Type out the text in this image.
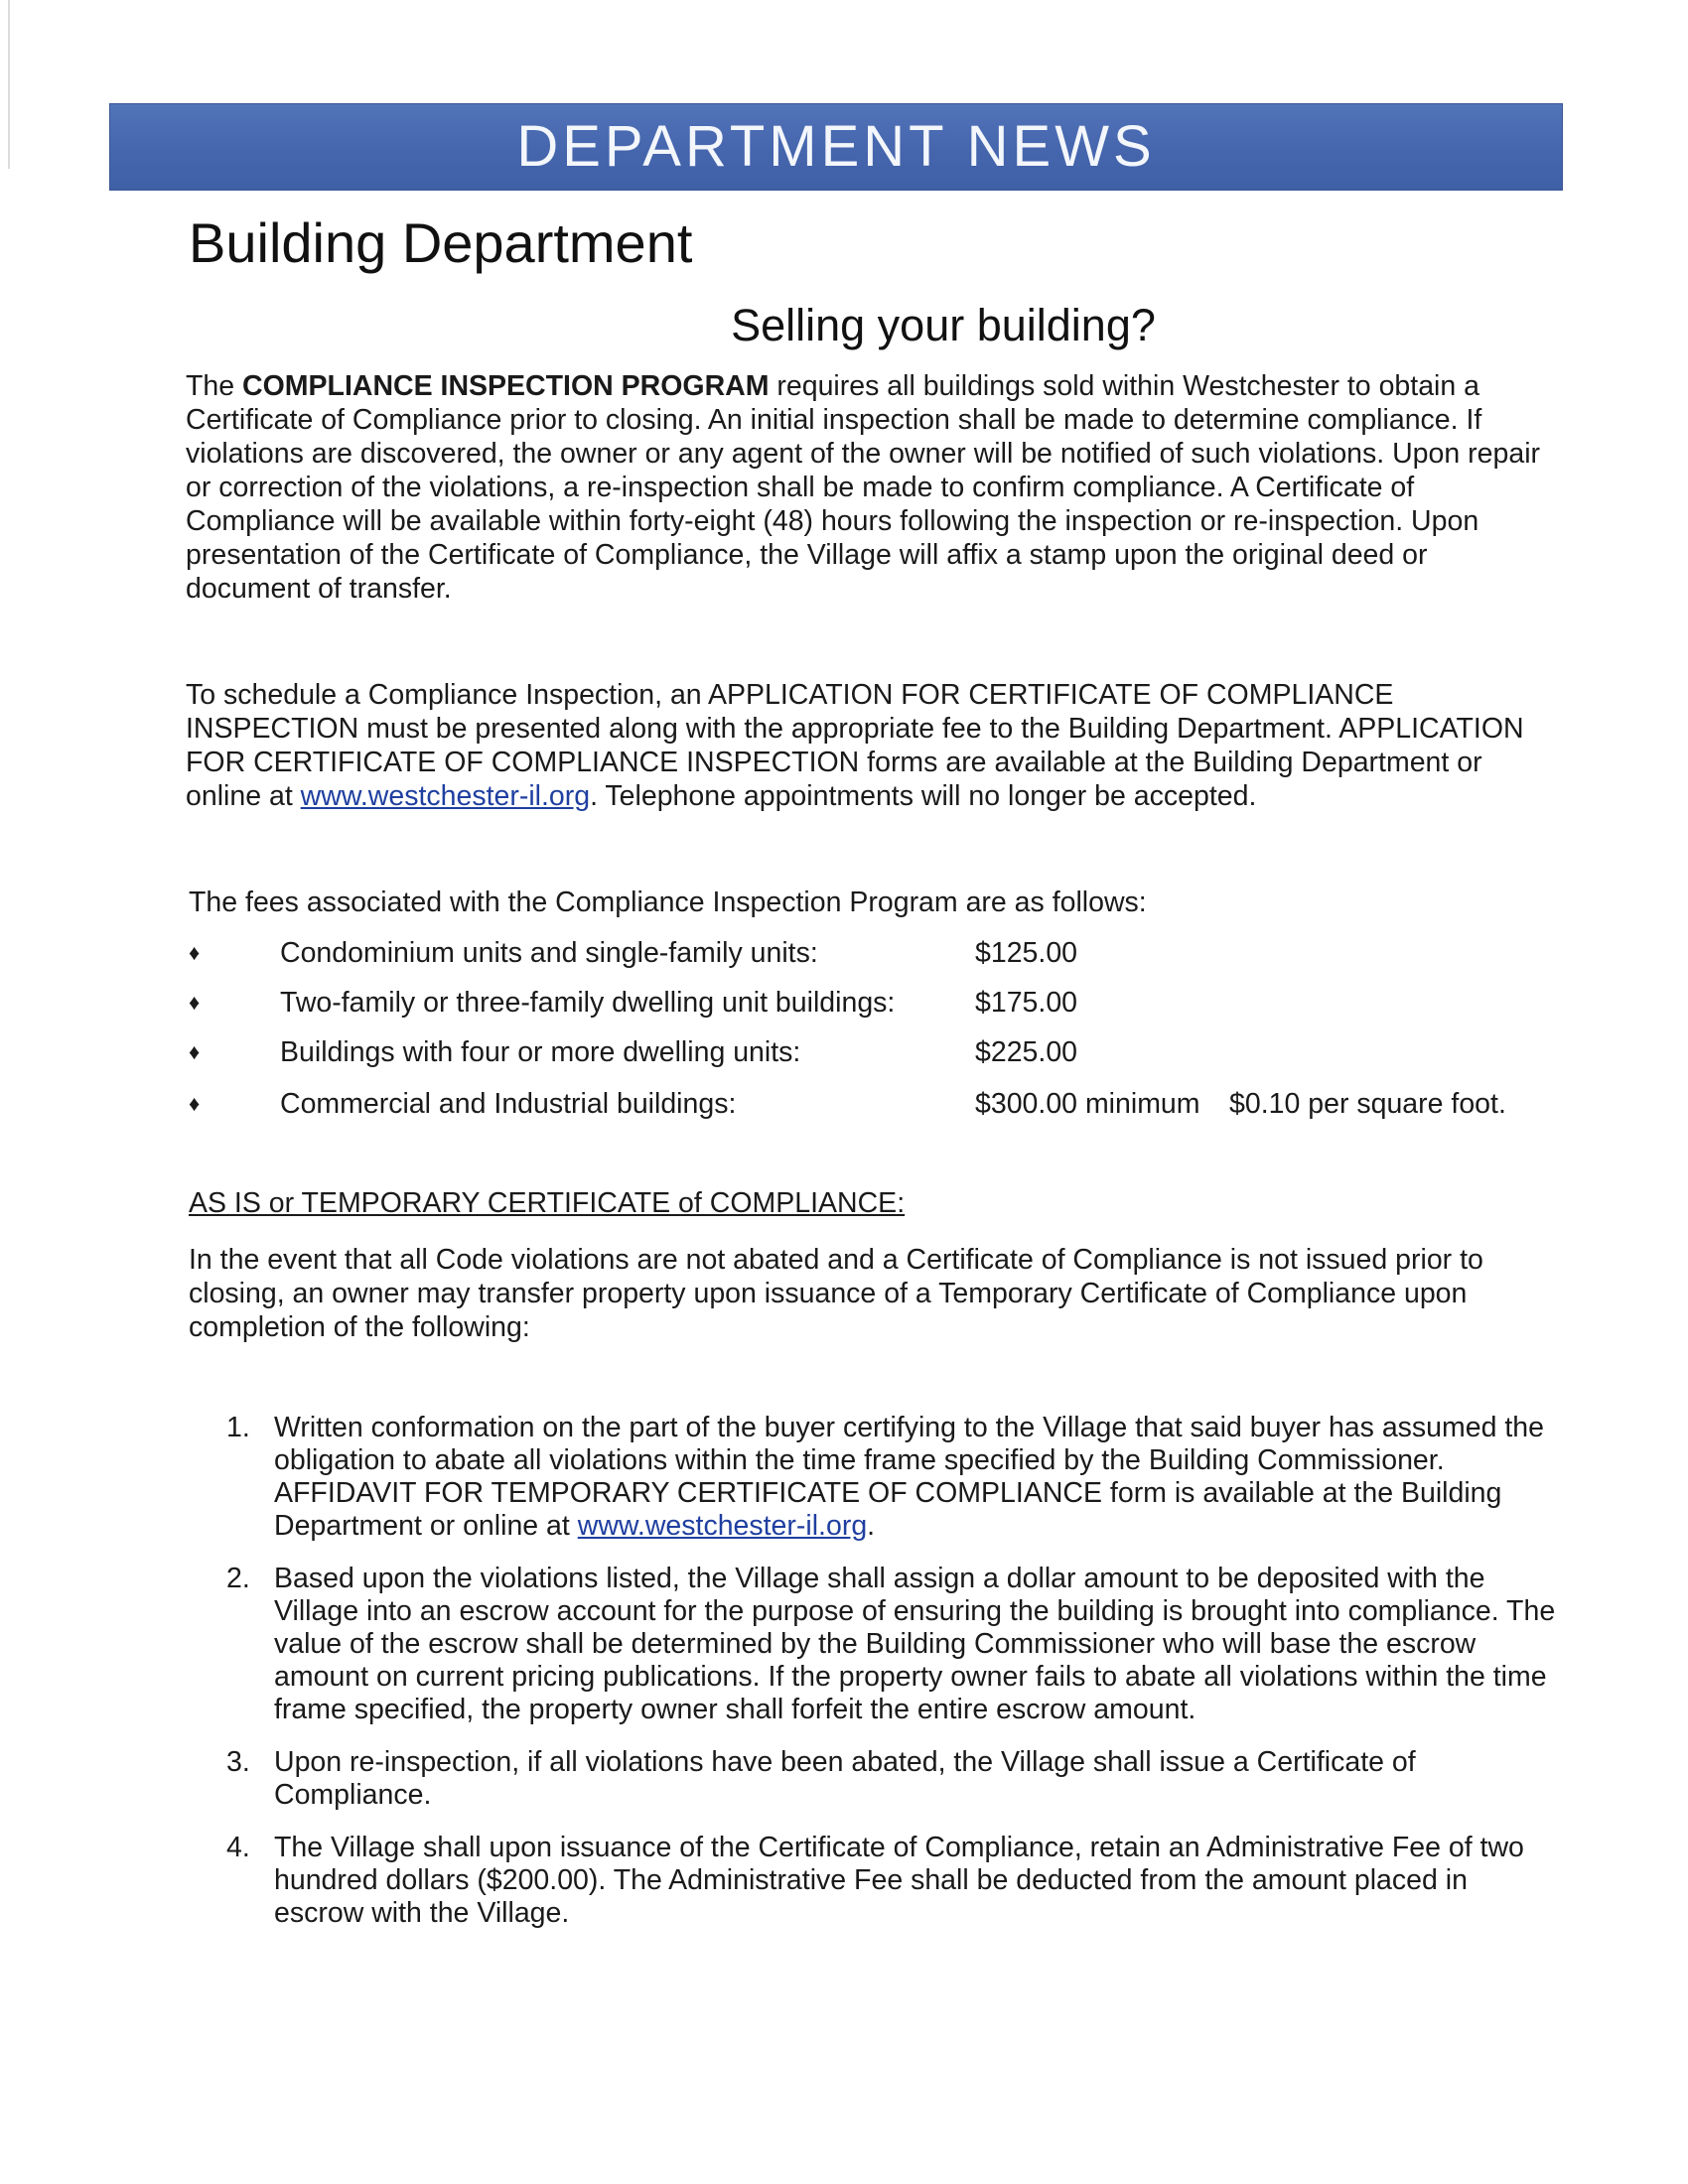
DEPARTMENT NEWS
Building Department
Selling your building?
The COMPLIANCE INSPECTION PROGRAM requires all buildings sold within Westchester to obtain a Certificate of Compliance prior to closing. An initial inspection shall be made to determine compliance. If violations are discovered, the owner or any agent of the owner will be notified of such violations. Upon repair or correction of the violations, a re-inspection shall be made to confirm compliance. A Certificate of Compliance will be available within forty-eight (48) hours following the inspection or re-inspection. Upon presentation of the Certificate of Compliance, the Village will affix a stamp upon the original deed or document of transfer.
To schedule a Compliance Inspection, an APPLICATION FOR CERTIFICATE OF COMPLIANCE INSPECTION must be presented along with the appropriate fee to the Building Department. APPLICATION FOR CERTIFICATE OF COMPLIANCE INSPECTION forms are available at the Building Department or online at www.westchester-il.org. Telephone appointments will no longer be accepted.
The fees associated with the Compliance Inspection Program are as follows:
♦	Condominium units and single-family units:	$125.00
♦	Two-family or three-family dwelling unit buildings:	$175.00
♦	Buildings with four or more dwelling units:	$225.00
♦	Commercial and Industrial buildings:	$300.00 minimum $0.10 per square foot.
AS IS or TEMPORARY CERTIFICATE of COMPLIANCE:
In the event that all Code violations are not abated and a Certificate of Compliance is not issued prior to closing, an owner may transfer property upon issuance of a Temporary Certificate of Compliance upon completion of the following:
1. Written conformation on the part of the buyer certifying to the Village that said buyer has assumed the obligation to abate all violations within the time frame specified by the Building Commissioner. AFFIDAVIT FOR TEMPORARY CERTIFICATE OF COMPLIANCE form is available at the Building Department or online at www.westchester-il.org.
2. Based upon the violations listed, the Village shall assign a dollar amount to be deposited with the Village into an escrow account for the purpose of ensuring the building is brought into compliance. The value of the escrow shall be determined by the Building Commissioner who will base the escrow amount on current pricing publications. If the property owner fails to abate all violations within the time frame specified, the property owner shall forfeit the entire escrow amount.
3. Upon re-inspection, if all violations have been abated, the Village shall issue a Certificate of Compliance.
4. The Village shall upon issuance of the Certificate of Compliance, retain an Administrative Fee of two hundred dollars ($200.00). The Administrative Fee shall be deducted from the amount placed in escrow with the Village.
